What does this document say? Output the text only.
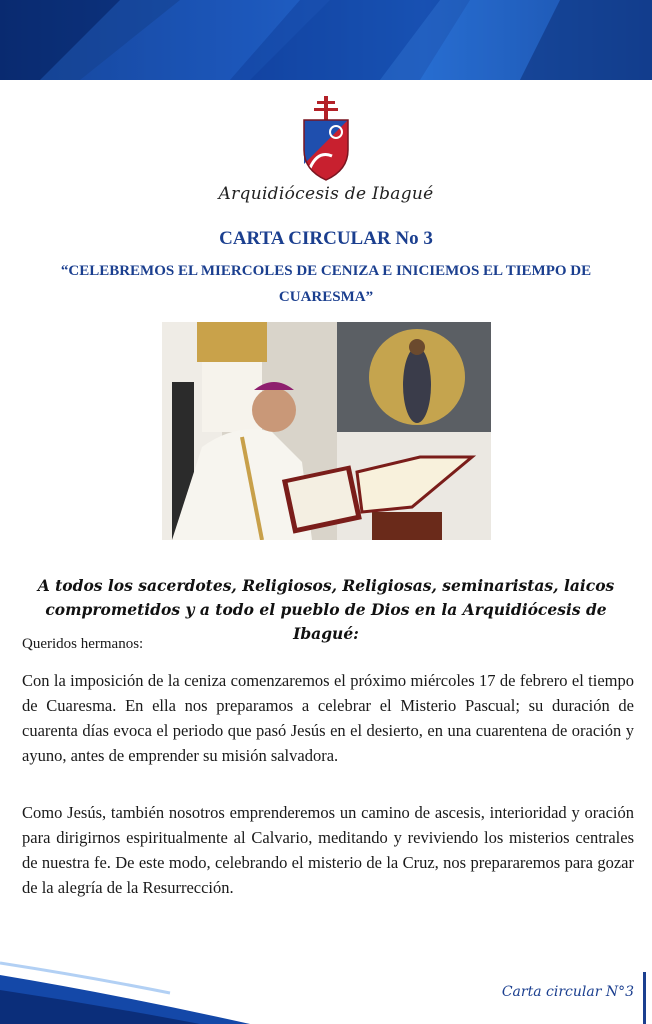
Arquidiócesis de Ibagué
CARTA CIRCULAR No 3
“CELEBREMOS EL MIERCOLES DE CENIZA E INICIEMOS EL TIEMPO DE CUARESMA”
A todos los sacerdotes, Religiosos, Religiosas, seminaristas, laicos comprometidos y a todo el pueblo de Dios en la Arquidiócesis de Ibagué:
Queridos hermanos:
Con la imposición de la ceniza comenzaremos el próximo miércoles 17 de febrero el tiempo de Cuaresma. En ella nos preparamos a celebrar el Misterio Pascual; su duración de cuarenta días evoca el periodo que pasó Jesús en el desierto, en una cuarentena de oración y ayuno, antes de emprender su misión salvadora.
Como Jesús, también nosotros emprenderemos un camino de ascesis, interioridad y oración para dirigirnos espiritualmente al Calvario, meditando y reviviendo los misterios centrales de nuestra fe. De este modo, celebrando el misterio de la Cruz, nos prepararemos para gozar de la alegría de la Resurrección.
Carta circular N°3
